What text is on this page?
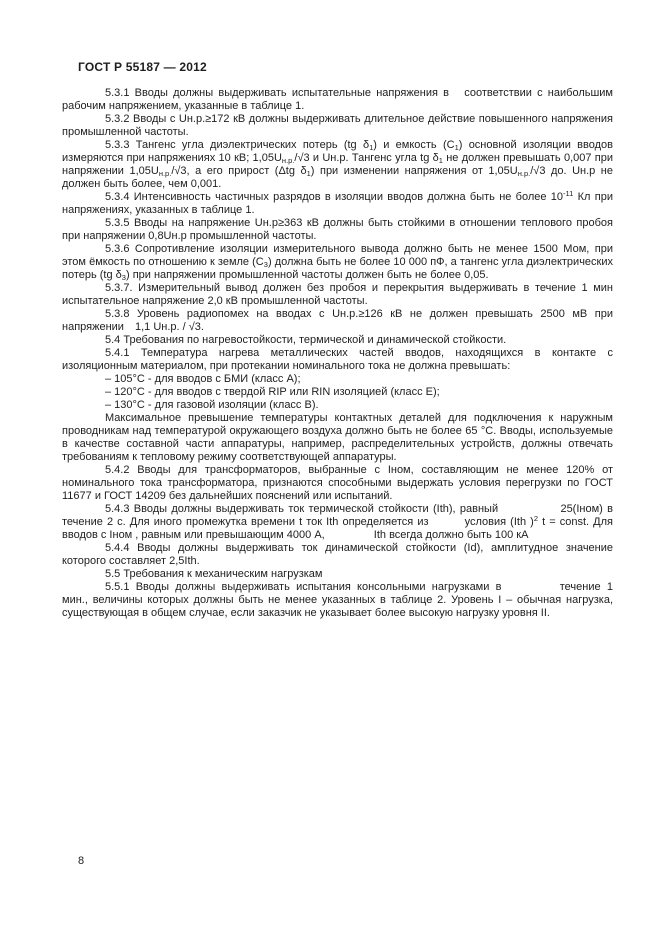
ГОСТ Р 55187 — 2012

5.3.1 Вводы должны выдерживать испытательные напряжения в соответствии с наибольшим рабочим напряжением, указанные в таблице 1.

5.3.2 Вводы с Uн.р.≥172 кВ должны выдерживать длительное действие повышенного напряжения промышленной частоты.

5.3.3 Тангенс угла диэлектрических потерь (tg $\delta_1$) и емкость $(С_1)$ основной изоляции вводов измеряются при напряжениях 10 кВ; $1,05U_{н.р.}/√3$ и Uн.р. Тангенс угла tg $\delta_1$ не должен превышать 0,007 при напряжении $1,05U_{н.р.}/√3$, а его прирост (Δtg $\delta_1$) при изменении напряжения от $1,05U_{н.р.}/√3$ до. Uн.р не должен быть более, чем 0,001.

5.3.4 Интенсивность частичных разрядов в изоляции вводов должна быть не более $10^{-11}$ Кл при напряжениях, указанных в таблице 1.

5.3.5 Вводы на напряжение Uн.р≥363 кВ должны быть стойкими в отношении теплового пробоя при напряжении 0,8Uн.р промышленной частоты.

5.3.6 Сопротивление изоляции измерительного вывода должно быть не менее 1500 Мом, при этом ёмкость по отношению к земле $(С_3)$ должна быть не более 10 000 пФ, а тангенс угла диэлектрических потерь (tg $\delta_3$) при напряжении промышленной частоты должен быть не более 0,05.

5.3.7. Измерительный вывод должен без пробоя и перекрытия выдерживать в течение 1 мин испытательное напряжение 2,0 кВ промышленной частоты.

5.3.8 Уровень радиопомех на вводах с Uн.р.≥126 кВ не должен превышать 2500 мВ при напряжении 1,1 Uн.р. / √3.

5.4 Требования по нагревостойкости, термической и динамической стойкости.

5.4.1 Температура нагрева металлических частей вводов, находящихся в контакте с изоляционным материалом, при протекании номинального тока не должна превышать:

– 105°С - для вводов с БМИ (класс А);

– 120°С - для вводов с твердой RIP или RIN изоляцией (класс Е);

– 130°С - для газовой изоляции (класс В).

Максимальное превышение температуры контактных деталей для подключения к наружным проводникам над температурой окружающего воздуха должно быть не более 65 °С. Вводы, используемые в качестве составной части аппаратуры, например, распределительных устройств, должны отвечать требованиям к тепловому режиму соответствующей аппаратуры.

5.4.2 Вводы для трансформаторов, выбранные с Iном, составляющим не менее 120% от номинального тока трансформатора, признаются способными выдержать условия перегрузки по ГОСТ 11677 и ГОСТ 14209 без дальнейших пояснений или испытаний.

5.4.3 Вводы должны выдерживать ток термической стойкости (Ith), равный	25(Iном) в течение 2 с. Для иного промежутка времени t ток Ith определяется из	условия (Ith )$^2$ t = const. Для вводов с Iном , равным или превышающим 4000 А,	Ith всегда должно быть 100 кА

5.4.4 Вводы должны выдерживать ток динамической стойкости (Id), амплитудное значение которого составляет 2,5Ith.

5.5 Требования к механическим нагрузкам

5.5.1 Вводы должны выдерживать испытания консольными нагрузками в	течение 1 мин., величины которых должны быть не менее указанных в таблице 2. Уровень I – обычная нагрузка, существующая в общем случае, если заказчик не указывает более высокую нагрузку уровня II.

8
